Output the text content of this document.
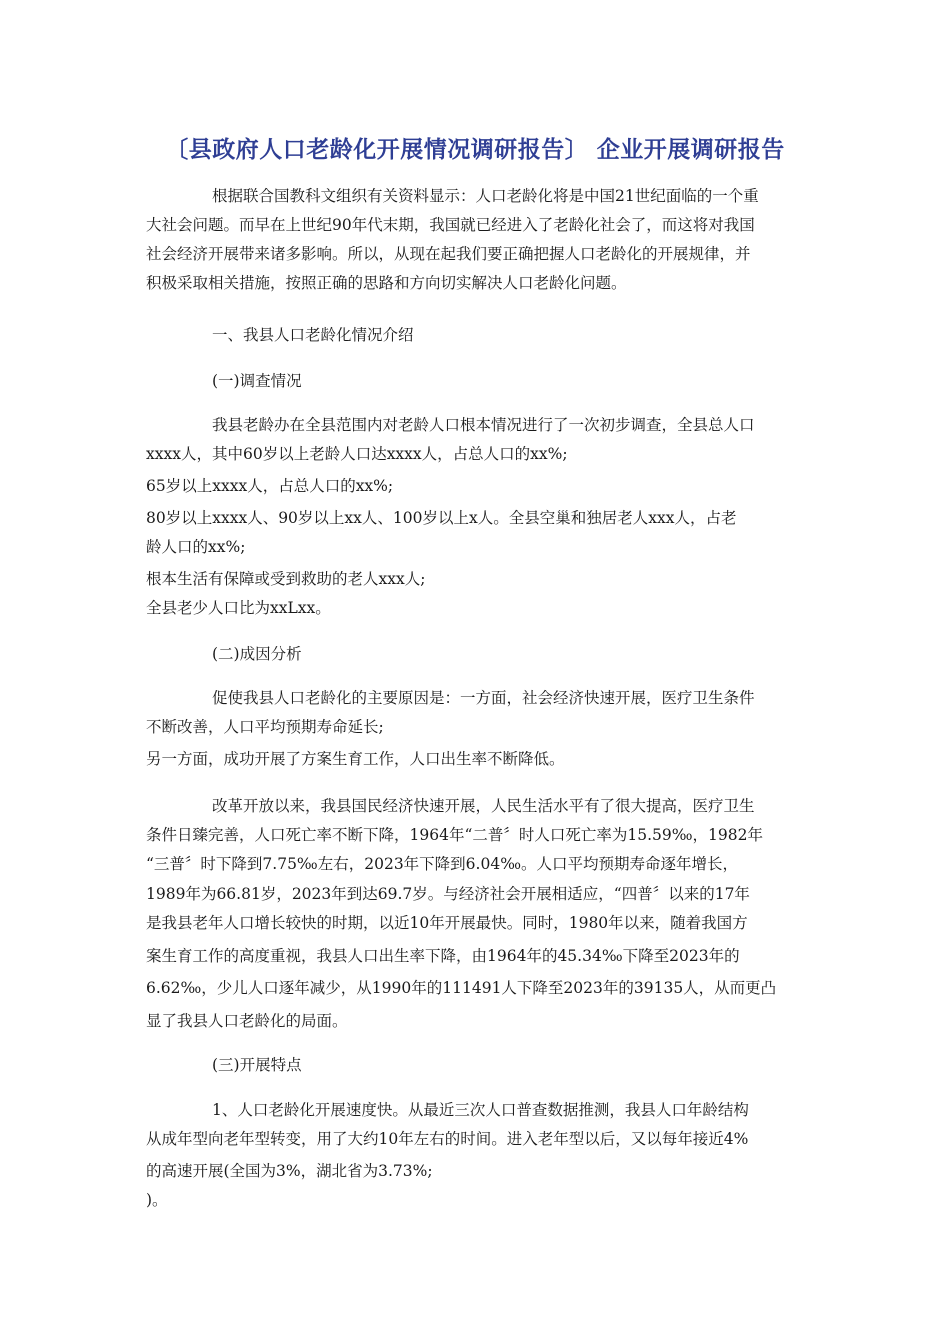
〔县政府人口老龄化开展情况调研报告〕 企业开展调研报告
根据联合国教科文组织有关资料显示：人口老龄化将是中国21世纪面临的一个重
大社会问题。而早在上世纪90年代末期，我国就已经进入了老龄化社会了，而这将对我国
社会经济开展带来诸多影响。所以，从现在起我们要正确把握人口老龄化的开展规律，并
积极采取相关措施，按照正确的思路和方向切实解决人口老龄化问题。
一、我县人口老龄化情况介绍
(一)调查情况
我县老龄办在全县范围内对老龄人口根本情况进行了一次初步调查，全县总人口
xxxx人，其中60岁以上老龄人口达xxxx人，占总人口的xx%;
65岁以上xxxx人，占总人口的xx%;
80岁以上xxxx人、90岁以上xx人、100岁以上x人。全县空巢和独居老人xxx人，占老
龄人口的xx%;
根本生活有保障或受到救助的老人xxx人;
全县老少人口比为xxLxx。
(二)成因分析
促使我县人口老龄化的主要原因是：一方面，社会经济快速开展，医疗卫生条件
不断改善，人口平均预期寿命延长;
另一方面，成功开展了方案生育工作，人口出生率不断降低。
改革开放以来，我县国民经济快速开展，人民生活水平有了很大提高，医疗卫生
条件日臻完善，人口死亡率不断下降，1964年“二普〞时人口死亡率为15.59‰，1982年
“三普〞时下降到7.75‰左右，2023年下降到6.04‰。人口平均预期寿命逐年增长，
1989年为66.81岁，2023年到达69.7岁。与经济社会开展相适应，“四普〞以来的17年
是我县老年人口增长较快的时期，以近10年开展最快。同时，1980年以来，随着我国方
案生育工作的高度重视，我县人口出生率下降，由1964年的45.34‰下降至2023年的
6.62‰，少儿人口逐年减少，从1990年的111491人下降至2023年的39135人，从而更凸
显了我县人口老龄化的局面。
(三)开展特点
1、人口老龄化开展速度快。从最近三次人口普查数据推测，我县人口年龄结构
从成年型向老年型转变，用了大约10年左右的时间。进入老年型以后，又以每年接近4%
的高速开展(全国为3%，湖北省为3.73%;
)。
